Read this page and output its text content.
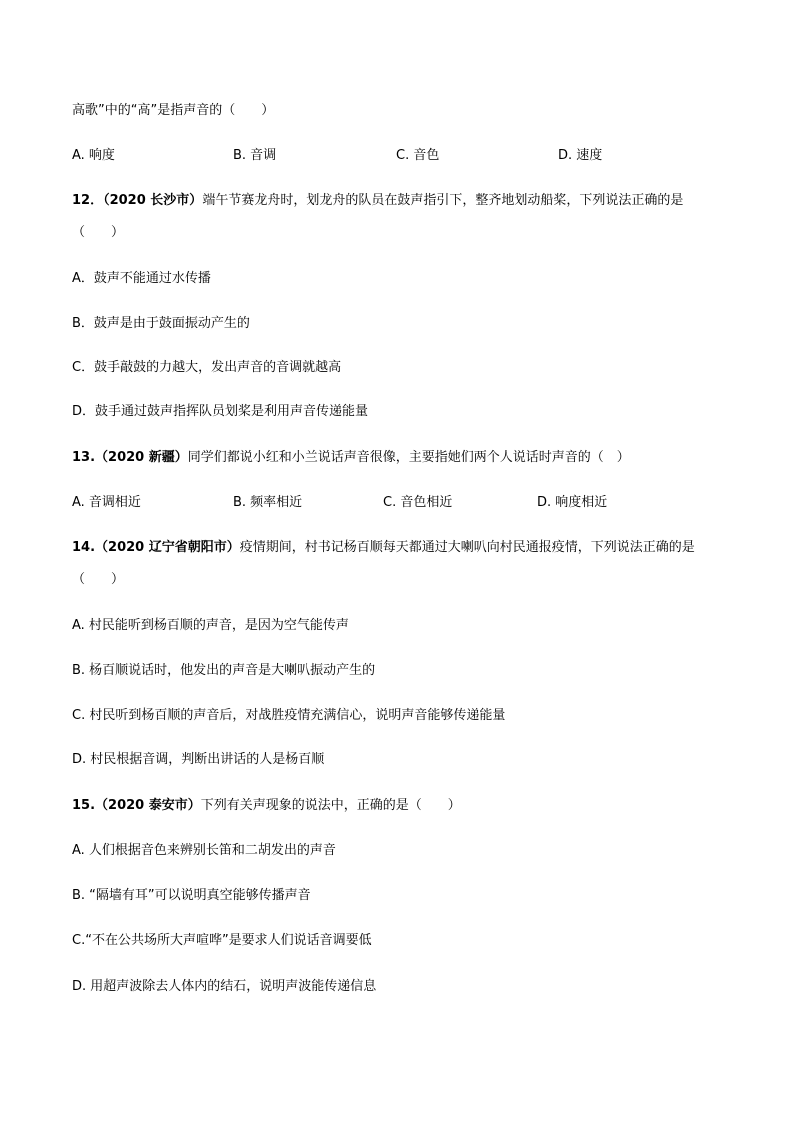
高歌”中的“高”是指声音的（　　）
A. 响度	B. 音调	C. 音色	D. 速度
12．（2020 长沙市）端午节赛龙舟时，划龙舟的队员在鼓声指引下，整齐地划动船桨，下列说法正确的是
（　　）
A．鼓声不能通过水传播
B．鼓声是由于鼓面振动产生的
C．鼓手敲鼓的力越大，发出声音的音调就越高
D．鼓手通过鼓声指挥队员划桨是利用声音传递能量
13.（2020 新疆）同学们都说小红和小兰说话声音很像，主要指她们两个人说话时声音的（　）
A. 音调相近	B. 频率相近	C. 音色相近	D. 响度相近
14.（2020 辽宁省朝阳市）疫情期间，村书记杨百顺每天都通过大喇叭向村民通报疫情，下列说法正确的是
（　　）
A. 村民能听到杨百顺的声音，是因为空气能传声
B. 杨百顺说话时，他发出的声音是大喇叭振动产生的
C. 村民听到杨百顺的声音后，对战胜疫情充满信心，说明声音能够传递能量
D. 村民根据音调，判断出讲话的人是杨百顺
15.（2020 泰安市）下列有关声现象的说法中，正确的是（　　）
A. 人们根据音色来辨别长笛和二胡发出的声音
B. “隔墙有耳”可以说明真空能够传播声音
C.“不在公共场所大声喧哗”是要求人们说话音调要低
D. 用超声波除去人体内的结石，说明声波能传递信息
